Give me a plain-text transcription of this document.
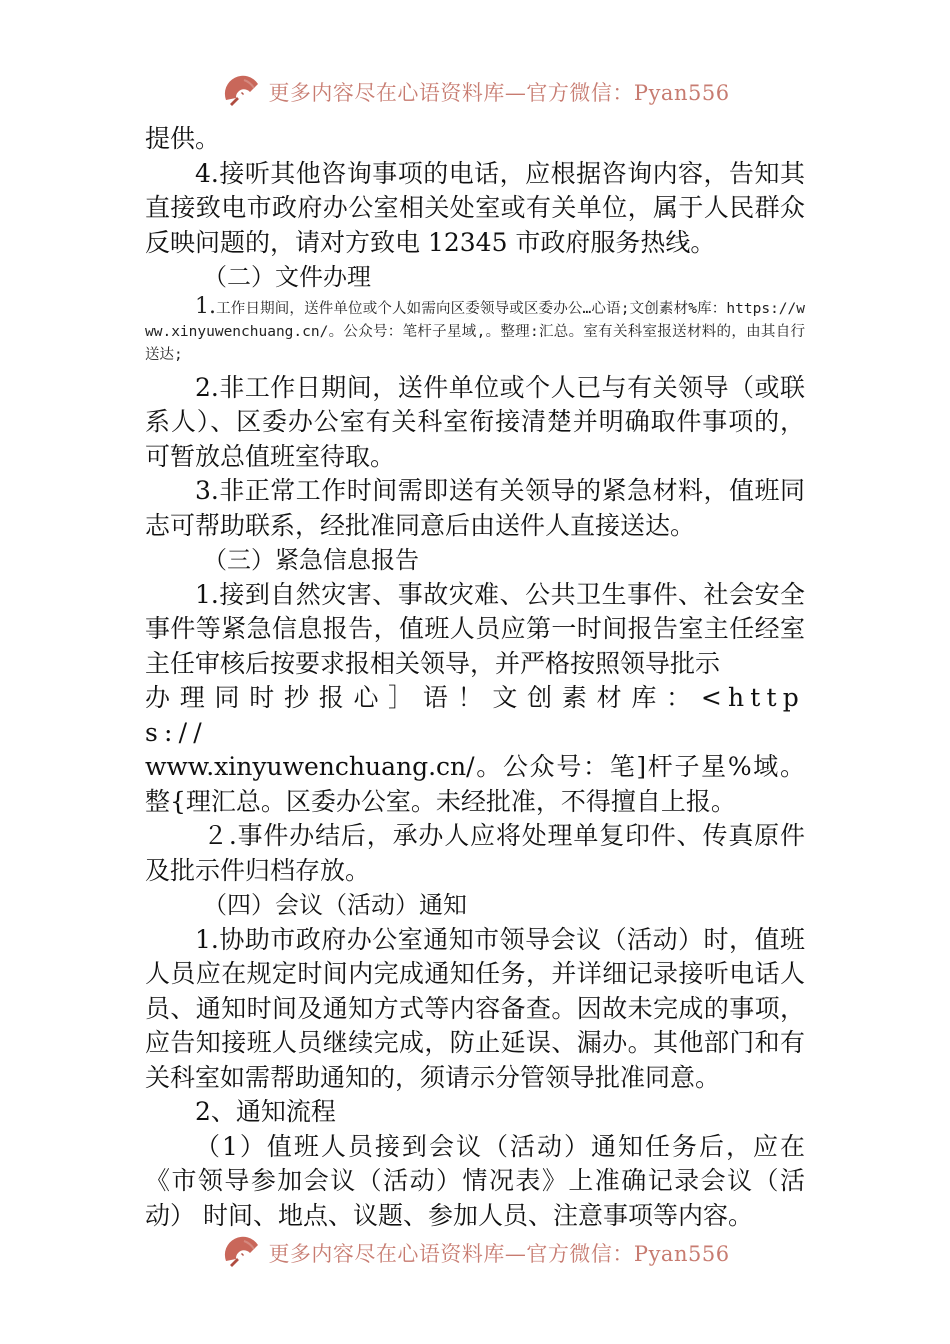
更多内容尽在心语资料库—官方微信：Pyan556

提供。

4.接听其他咨询事项的电话，应根据咨询内容，告知其直接致电市政府办公室相关处室或有关单位，属于人民群众反映问题的，请对方致电 12345 市政府服务热线。

（二）文件办理

1.工作日期间，送件单位或个人如需向区委领导或区委办公…心语;文创素材%库：https://www.xinyuwenchuang.cn/。公众号：笔杆子星域,。整理:汇总。室有关科室报送材料的，由其自行送达;

2.非工作日期间，送件单位或个人已与有关领导（或联系人）、区委办公室有关科室衔接清楚并明确取件事项的，可暂放总值班室待取。

3.非正常工作时间需即送有关领导的紧急材料，值班同志可帮助联系，经批准同意后由送件人直接送达。

（三）紧急信息报告

1.接到自然灾害、事故灾难、公共卫生事件、社会安全事件等紧急信息报告，值班人员应第一时间报告室主任经室主任审核后按要求报相关领导，并严格按照领导批示

办理同时抄报心］语！文创素材库：<https://

www.xinyuwenchuang.cn/。公众号：笔]杆子星%域。整{理汇总。区委办公室。未经批准，不得擅自上报。

２.事件办结后，承办人应将处理单复印件、传真原件及批示件归档存放。

（四）会议（活动）通知

1.协助市政府办公室通知市领导会议（活动）时，值班人员应在规定时间内完成通知任务，并详细记录接听电话人员、通知时间及通知方式等内容备查。因故未完成的事项，应告知接班人员继续完成，防止延误、漏办。其他部门和有关科室如需帮助通知的，须请示分管领导批准同意。

2、通知流程

（1）值班人员接到会议（活动）通知任务后，应在《市领导参加会议（活动）情况表》上准确记录会议（活动） 时间、地点、议题、参加人员、注意事项等内容。

更多内容尽在心语资料库—官方微信：Pyan556
